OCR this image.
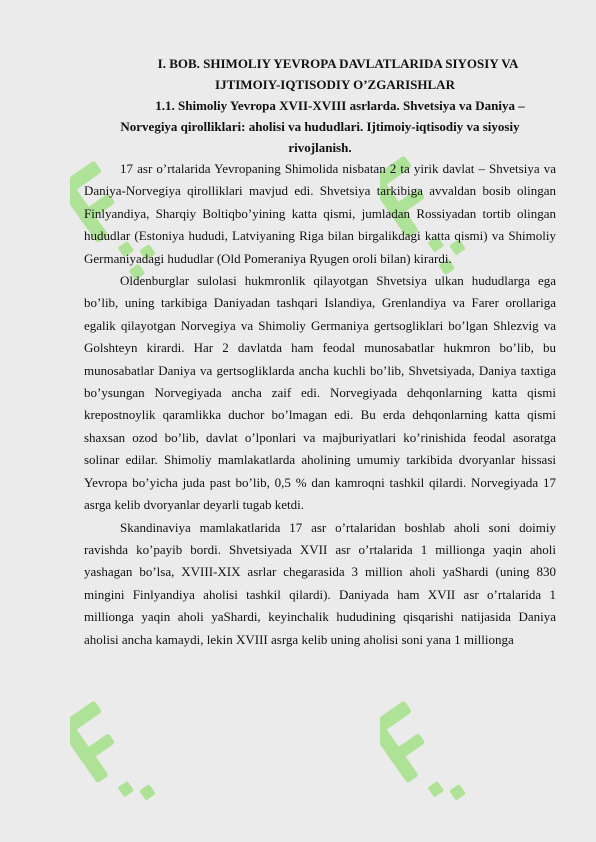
I. BOB. SHIMOLIY YEVROPA DAVLATLARIDA SIYOSIY VA
IJTIMOIY-IQTISODIY O’ZGARISHLAR
1.1. Shimoliy Yevropa XVII-XVIII asrlarda. Shvetsiya va Daniya –
Norvegiya qirolliklari: aholisi va hududlari. Ijtimoiy-iqtisodiy va siyosiy
rivojlanish.

17 asr o’rtalarida Yevropaning Shimolida nisbatan 2 ta yirik davlat – Shvetsiya va Daniya-Norvegiya qirolliklari mavjud edi. Shvetsiya tarkibiga avvaldan bosib olingan Finlyandiya, Sharqiy Boltiqbo’yining katta qismi, jumladan Rossiyadan tortib olingan hududlar (Estoniya hududi, Latviyaning Riga bilan birgalikdagi katta qismi) va Shimoliy Germaniyadagi hududlar (Old Pomeraniya Ryugen oroli bilan) kirardi.

Oldenburglar sulolasi hukmronlik qilayotgan Shvetsiya ulkan hududlarga ega bo’lib, uning tarkibiga Daniyadan tashqari Islandiya, Grenlandiya va Farer orollariga egalik qilayotgan Norvegiya va Shimoliy Germaniya gertsogliklari bo’lgan Shlezvig va Golshteyn kirardi. Har 2 davlatda ham feodal munosabatlar hukmron bo’lib, bu munosabatlar Daniya va gertsogliklarda ancha kuchli bo’lib, Shvetsiyada, Daniya taxtiga bo’ysungan Norvegiyada ancha zaif edi. Norvegiyada dehqonlarning katta qismi krepostnoylik qaramlikka duchor bo’lmagan edi. Bu erda dehqonlarning katta qismi shaxsan ozod bo’lib, davlat o’lponlari va majburiyatlari ko’rinishida feodal asoratga solinar edilar. Shimoliy mamlakatlarda aholining umumiy tarkibida dvoryanlar hissasi Yevropa bo’yicha juda past bo’lib, 0,5 % dan kamroqni tashkil qilardi. Norvegiyada 17 asrga kelib dvoryanlar deyarli tugab ketdi.

Skandinaviya mamlakatlarida 17 asr o’rtalaridan boshlab aholi soni doimiy ravishda ko’payib bordi. Shvetsiyada XVII asr o’rtalarida 1 millionga yaqin aholi yashagan bo’lsa, XVIII-XIX asrlar chegarasida 3 million aholi yaShardi (uning 830 mingini Finlyandiya aholisi tashkil qilardi). Daniyada ham XVII asr o’rtalarida 1 millionga yaqin aholi yaShardi, keyinchalik hududining qisqarishi natijasida Daniya aholisi ancha kamaydi, lekin XVIII asrga kelib uning aholisi soni yana 1 millionga
